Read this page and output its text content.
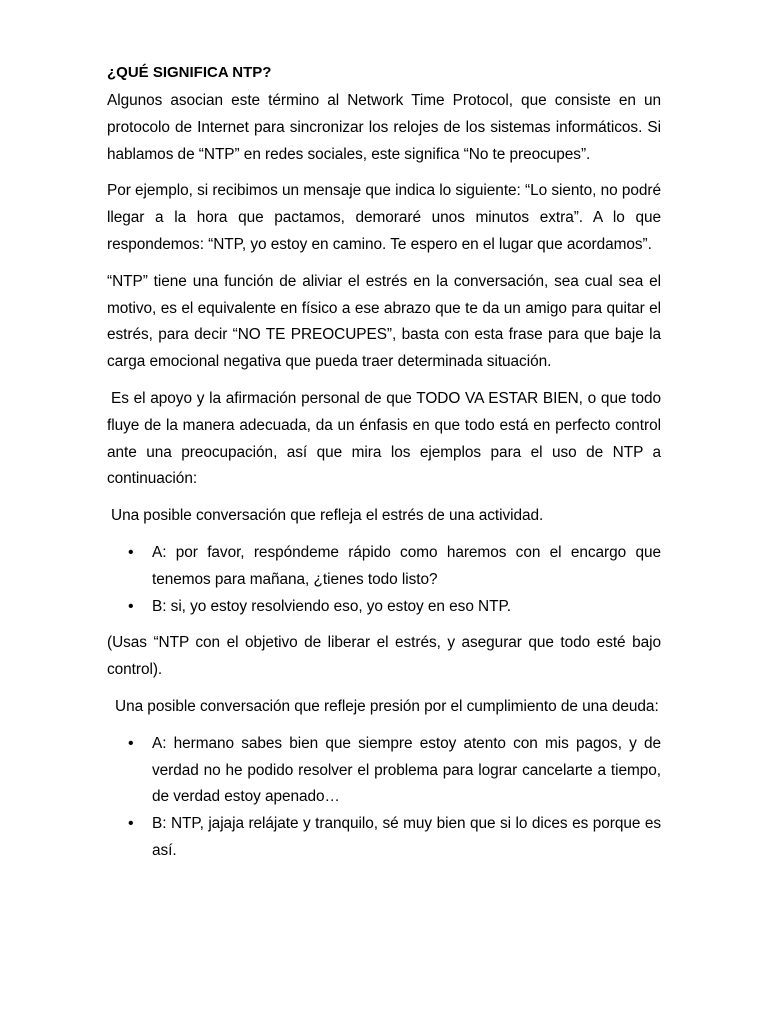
¿QUÉ SIGNIFICA NTP?

Algunos asocian este término al Network Time Protocol, que consiste en un protocolo de Internet para sincronizar los relojes de los sistemas informáticos. Si hablamos de “NTP” en redes sociales, este significa “No te preocupes”.

Por ejemplo, si recibimos un mensaje que indica lo siguiente: “Lo siento, no podré llegar a la hora que pactamos, demoraré unos minutos extra”. A lo que respondemos: “NTP, yo estoy en camino. Te espero en el lugar que acordamos”.

“NTP” tiene una función de aliviar el estrés en la conversación, sea cual sea el motivo, es el equivalente en físico a ese abrazo que te da un amigo para quitar el estrés, para decir “NO TE PREOCUPES”, basta con esta frase para que baje la carga emocional negativa que pueda traer determinada situación.

Es el apoyo y la afirmación personal de que TODO VA ESTAR BIEN, o que todo fluye de la manera adecuada, da un énfasis en que todo está en perfecto control ante una preocupación, así que mira los ejemplos para el uso de NTP a continuación:

Una posible conversación que refleja el estrés de una actividad.

• A: por favor, respóndeme rápido como haremos con el encargo que tenemos para mañana, ¿tienes todo listo?
• B: si, yo estoy resolviendo eso, yo estoy en eso NTP.

(Usas “NTP con el objetivo de liberar el estrés, y asegurar que todo esté bajo control).

Una posible conversación que refleje presión por el cumplimiento de una deuda:

• A: hermano sabes bien que siempre estoy atento con mis pagos, y de verdad no he podido resolver el problema para lograr cancelarte a tiempo, de verdad estoy apenado…
• B: NTP, jajaja relájate y tranquilo, sé muy bien que si lo dices es porque es así.
